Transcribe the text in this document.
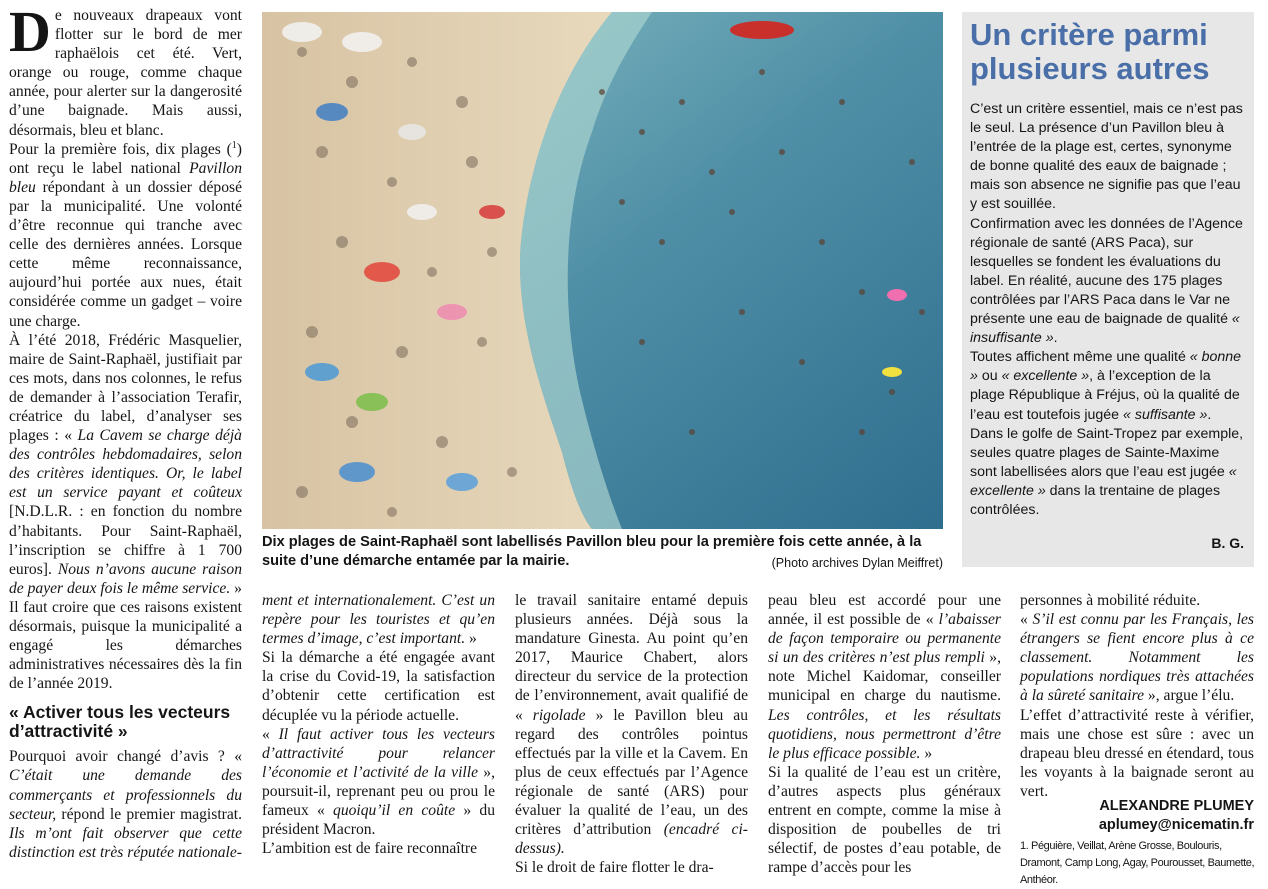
De nouveaux drapeaux vont flotter sur le bord de mer raphaëlois cet été. Vert, orange ou rouge, comme chaque année, pour alerter sur la dangerosité d’une baignade. Mais aussi, désormais, bleu et blanc.

Pour la première fois, dix plages ($^1$) ont reçu le label national Pavillon bleu répondant à un dossier déposé par la municipalité. Une volonté d’être reconnue qui tranche avec celle des dernières années. Lorsque cette même reconnaissance, aujourd’hui portée aux nues, était considérée comme un gadget – voire une charge.

À l’été 2018, Frédéric Masquelier, maire de Saint-Raphaël, justifiait par ces mots, dans nos colonnes, le refus de demander à l’association Terafir, créatrice du label, d’analyser ses plages : « La Cavem se charge déjà des contrôles hebdomadaires, selon des critères identiques. Or, le label est un service payant et coûteux [N.D.L.R. : en fonction du nombre d’habitants. Pour Saint-Raphaël, l’inscription se chiffre à 1 700 euros]. Nous n’avons aucune raison de payer deux fois le même service. »

Il faut croire que ces raisons existent désormais, puisque la municipalité a engagé les démarches administratives nécessaires dès la fin de l’année 2019.

« Activer tous les vecteurs d’attractivité »

Pourquoi avoir changé d’avis ? « C’était une demande des commerçants et professionnels du secteur, répond le premier magistrat. Ils m’ont fait observer que cette distinction est très réputée nationale-

Dix plages de Saint-Raphaël sont labellisés Pavillon bleu pour la première fois cette année, à la suite d’une démarche entamée par la mairie.	(Photo archives Dylan Meiffret)
Un critère parmi plusieurs autres

C’est un critère essentiel, mais ce n’est pas le seul. La présence d’un Pavillon bleu à l’entrée de la plage est, certes, synonyme de bonne qualité des eaux de baignade ; mais son absence ne signifie pas que l’eau y est souillée.

Confirmation avec les données de l’Agence régionale de santé (ARS Paca), sur lesquelles se fondent les évaluations du label. En réalité, aucune des 175 plages contrôlées par l’ARS Paca dans le Var ne présente une eau de baignade de qualité « insuffisante ».

Toutes affichent même une qualité « bonne » ou « excellente », à l’exception de la plage République à Fréjus, où la qualité de l’eau est toutefois jugée « suffisante ».

Dans le golfe de Saint-Tropez par exemple, seules quatre plages de Sainte-Maxime sont labellisées alors que l’eau est jugée « excellente » dans la trentaine de plages contrôlées.

B. G.

ment et internationalement. C’est un repère pour les touristes et qu’en termes d’image, c’est important. »

Si la démarche a été engagée avant la crise du Covid-19, la satisfaction d’obtenir cette certification est décuplée vu la période actuelle.

« Il faut activer tous les vecteurs d’attractivité pour relancer l’économie et l’activité de la ville », poursuit-il, reprenant peu ou prou le fameux « quoiqu’il en coûte » du président Macron.

L’ambition est de faire reconnaître

le travail sanitaire entamé depuis plusieurs années. Déjà sous la mandature Ginesta. Au point qu’en 2017, Maurice Chabert, alors directeur du service de la protection de l’environnement, avait qualifié de « rigolade » le Pavillon bleu au regard des contrôles pointus effectués par la ville et la Cavem. En plus de ceux effectués par l’Agence régionale de santé (ARS) pour évaluer la qualité de l’eau, un des critères d’attribution (encadré ci-dessus).

Si le droit de faire flotter le dra-

peau bleu est accordé pour une année, il est possible de « l’abaisser de façon temporaire ou permanente si un des critères n’est plus rempli », note Michel Kaidomar, conseiller municipal en charge du nautisme. Les contrôles, et les résultats quotidiens, nous permettront d’être le plus efficace possible. »

Si la qualité de l’eau est un critère, d’autres aspects plus généraux entrent en compte, comme la mise à disposition de poubelles de tri sélectif, de postes d’eau potable, de rampe d’accès pour les

personnes à mobilité réduite.

« S’il est connu par les Français, les étrangers se fient encore plus à ce classement. Notamment les populations nordiques très attachées à la sûreté sanitaire », argue l’élu.

L’effet d’attractivité reste à vérifier, mais une chose est sûre : avec un drapeau bleu dressé en étendard, tous les voyants à la baignade seront au vert.

ALEXANDRE PLUMEY
aplumey@nicematin.fr
1. Péguière, Veillat, Arène Grosse, Boulouris, Dramont, Camp Long, Agay, Pourousset, Baumette, Anthéor.
